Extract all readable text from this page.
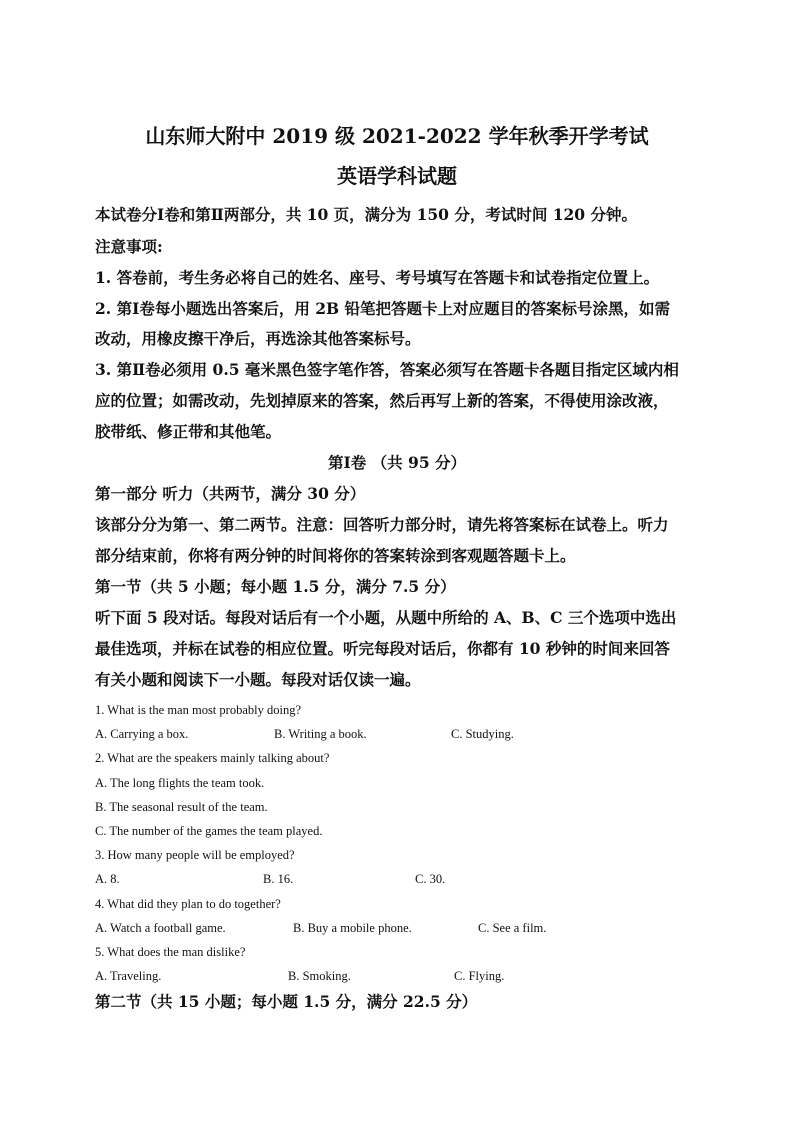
山东师大附中 2019 级 2021-2022 学年秋季开学考试
英语学科试题
本试卷分Ⅰ卷和第Ⅱ两部分，共 10 页，满分为 150 分，考试时间 120 分钟。
注意事项:
1. 答卷前，考生务必将自己的姓名、座号、考号填写在答题卡和试卷指定位置上。
2. 第Ⅰ卷每小题选出答案后，用 2B 铅笔把答题卡上对应题目的答案标号涂黑，如需
改动，用橡皮擦干净后，再选涂其他答案标号。
3. 第Ⅱ卷必须用 0.5 毫米黑色签字笔作答，答案必须写在答题卡各题目指定区域内相
应的位置；如需改动，先划掉原来的答案，然后再写上新的答案，不得使用涂改液，
胶带纸、修正带和其他笔。
第Ⅰ卷 （共 95 分）
第一部分 听力（共两节，满分 30 分）
该部分分为第一、第二两节。注意：回答听力部分时，请先将答案标在试卷上。听力
部分结束前，你将有两分钟的时间将你的答案转涂到客观题答题卡上。
第一节（共 5 小题；每小题 1.5 分，满分 7.5 分）
听下面 5 段对话。每段对话后有一个小题，从题中所给的 A、B、C 三个选项中选出
最佳选项，并标在试卷的相应位置。听完每段对话后，你都有 10 秒钟的时间来回答
有关小题和阅读下一小题。每段对话仅读一遍。
1. What is the man most probably doing?
A. Carrying a box.	B. Writing a book.	C. Studying.
2. What are the speakers mainly talking about?
A. The long flights the team took.
B. The seasonal result of the team.
C. The number of the games the team played.
3. How many people will be employed?
A. 8.	B. 16.	C. 30.
4. What did they plan to do together?
A. Watch a football game.	B. Buy a mobile phone.	C. See a film.
5. What does the man dislike?
A. Traveling.	B. Smoking.	C. Flying.
第二节（共 15 小题；每小题 1.5 分，满分 22.5 分）
